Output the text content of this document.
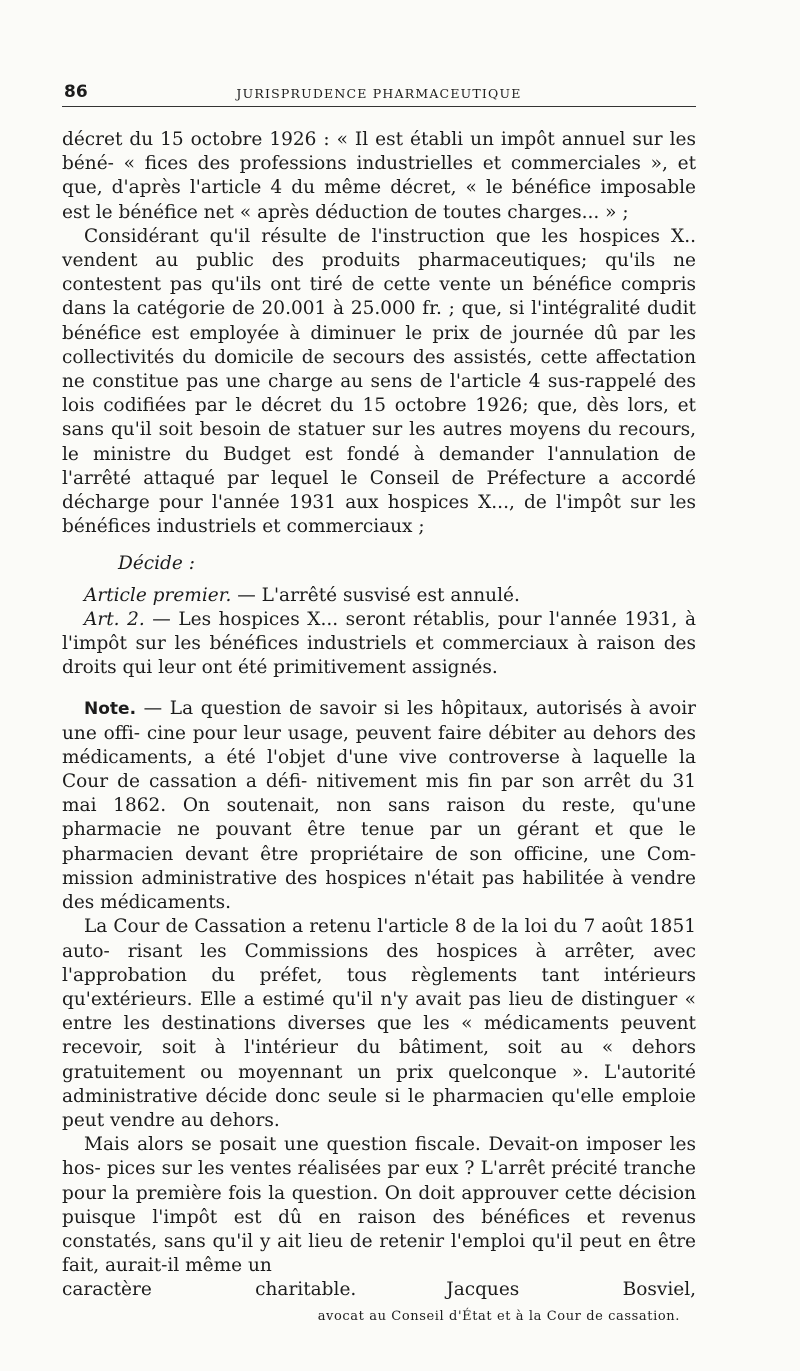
86	JURISPRUDENCE PHARMACEUTIQUE

décret du 15 octobre 1926 : « Il est établi un impôt annuel sur les béné- « fices des professions industrielles et commerciales », et que, d'après l'article 4 du même décret, « le bénéfice imposable est le bénéfice net « après déduction de toutes charges... » ;

Considérant qu'il résulte de l'instruction que les hospices X.. vendent au public des produits pharmaceutiques; qu'ils ne contestent pas qu'ils ont tiré de cette vente un bénéfice compris dans la catégorie de 20.001 à 25.000 fr. ; que, si l'intégralité dudit bénéfice est employée à diminuer le prix de journée dû par les collectivités du domicile de secours des assistés, cette affectation ne constitue pas une charge au sens de l'article 4 sus-rappelé des lois codifiées par le décret du 15 octobre 1926; que, dès lors, et sans qu'il soit besoin de statuer sur les autres moyens du recours, le ministre du Budget est fondé à demander l'annulation de l'arrêté attaqué par lequel le Conseil de Préfecture a accordé décharge pour l'année 1931 aux hospices X..., de l'impôt sur les bénéfices industriels et commerciaux ;

Décide :

Article premier. — L'arrêté susvisé est annulé.

Art. 2. — Les hospices X... seront rétablis, pour l'année 1931, à l'impôt sur les bénéfices industriels et commerciaux à raison des droits qui leur ont été primitivement assignés.

Note. — La question de savoir si les hôpitaux, autorisés à avoir une offi- cine pour leur usage, peuvent faire débiter au dehors des médicaments, a été l'objet d'une vive controverse à laquelle la Cour de cassation a défi- nitivement mis fin par son arrêt du 31 mai 1862. On soutenait, non sans raison du reste, qu'une pharmacie ne pouvant être tenue par un gérant et que le pharmacien devant être propriétaire de son officine, une Com- mission administrative des hospices n'était pas habilitée à vendre des médicaments.

La Cour de Cassation a retenu l'article 8 de la loi du 7 août 1851 auto- risant les Commissions des hospices à arrêter, avec l'approbation du préfet, tous règlements tant intérieurs qu'extérieurs. Elle a estimé qu'il n'y avait pas lieu de distinguer « entre les destinations diverses que les « médicaments peuvent recevoir, soit à l'intérieur du bâtiment, soit au « dehors gratuitement ou moyennant un prix quelconque ». L'autorité administrative décide donc seule si le pharmacien qu'elle emploie peut vendre au dehors.

Mais alors se posait une question fiscale. Devait-on imposer les hos- pices sur les ventes réalisées par eux ? L'arrêt précité tranche pour la première fois la question. On doit approuver cette décision puisque l'impôt est dû en raison des bénéfices et revenus constatés, sans qu'il y ait lieu de retenir l'emploi qu'il peut en être fait, aurait-il même un

caractère charitable.	Jacques Bosviel,

avocat au Conseil d'État et à la Cour de cassation.
